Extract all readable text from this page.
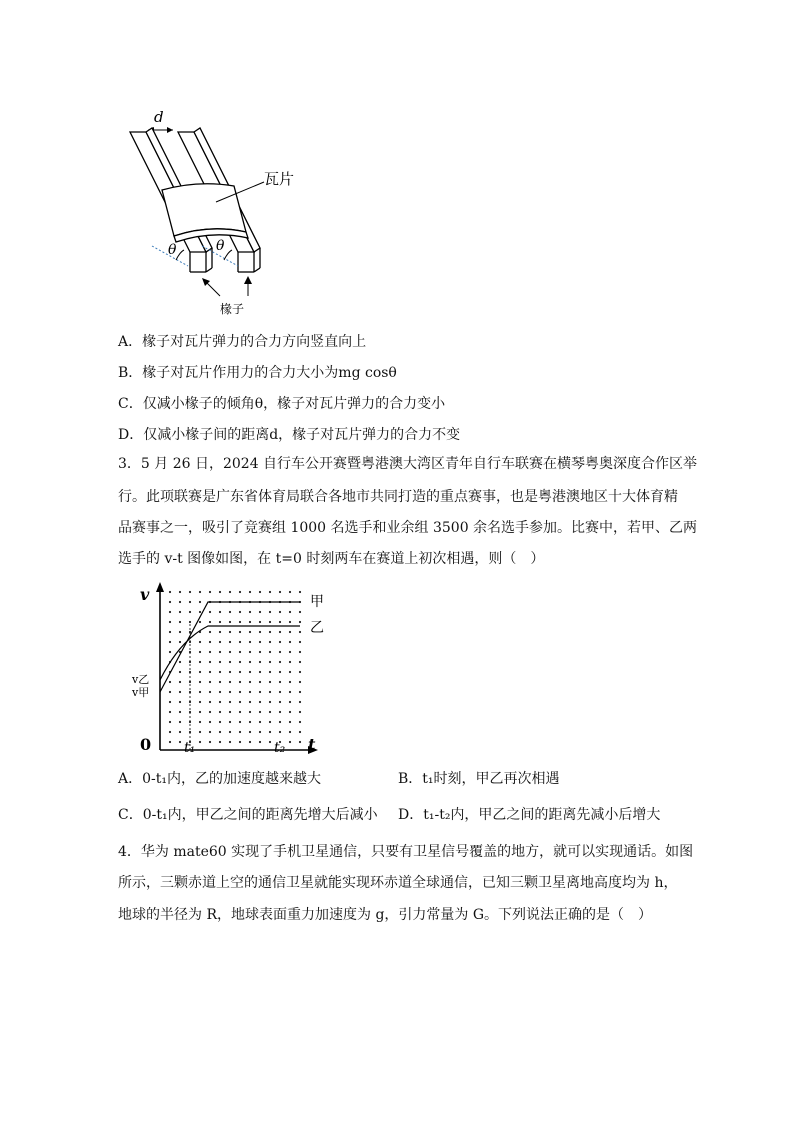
d
瓦片
θ	θ
椽子
A．椽子对瓦片弹力的合力方向竖直向上
B．椽子对瓦片作用力的合力大小为mg cosθ
C．仅减小椽子的倾角θ，椽子对瓦片弹力的合力变小
D．仅减小椽子间的距离d，椽子对瓦片弹力的合力不变
3．5 月 26 日，2024 自行车公开赛暨粤港澳大湾区青年自行车联赛在横琴粤奥深度合作区举
行。此项联赛是广东省体育局联合各地市共同打造的重点赛事，也是粤港澳地区十大体育精
品赛事之一，吸引了竞赛组 1000 名选手和业余组 3500 余名选手参加。比赛中，若甲、乙两
选手的 v-t 图像如图，在 t=0 时刻两车在赛道上初次相遇，则（　）
v
t
0 t₁	t₂
v乙
v甲
甲
乙
A．0-t₁内，乙的加速度越来越大	B．t₁时刻，甲乙再次相遇
C．0-t₁内，甲乙之间的距离先增大后减小 D．t₁-t₂内，甲乙之间的距离先减小后增大
4．华为 mate60 实现了手机卫星通信，只要有卫星信号覆盖的地方，就可以实现通话。如图
所示，三颗赤道上空的通信卫星就能实现环赤道全球通信，已知三颗卫星离地高度均为 h，
地球的半径为 R，地球表面重力加速度为 g，引力常量为 G。下列说法正确的是（　）
